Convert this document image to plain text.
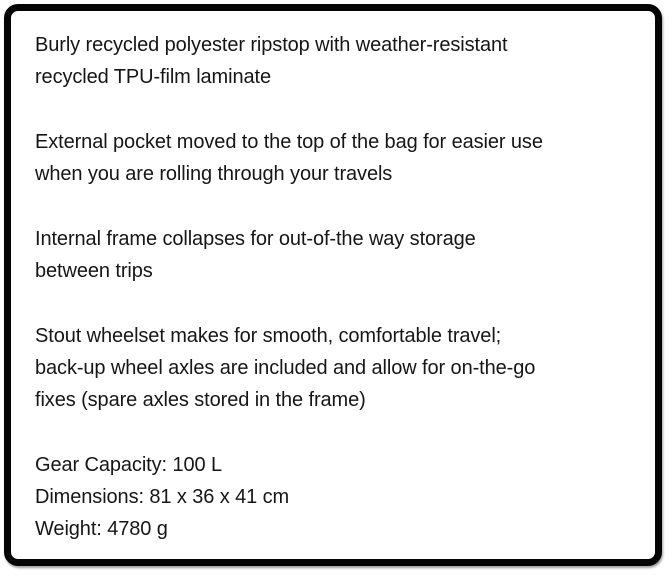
Burly recycled polyester ripstop with weather-resistant
recycled TPU-film laminate

External pocket moved to the top of the bag for easier use
when you are rolling through your travels

Internal frame collapses for out-of-the way storage
between trips

Stout wheelset makes for smooth, comfortable travel;
back-up wheel axles are included and allow for on-the-go
fixes (spare axles stored in the frame)

Gear Capacity: 100 L
Dimensions: 81 x 36 x 41 cm
Weight: 4780 g
